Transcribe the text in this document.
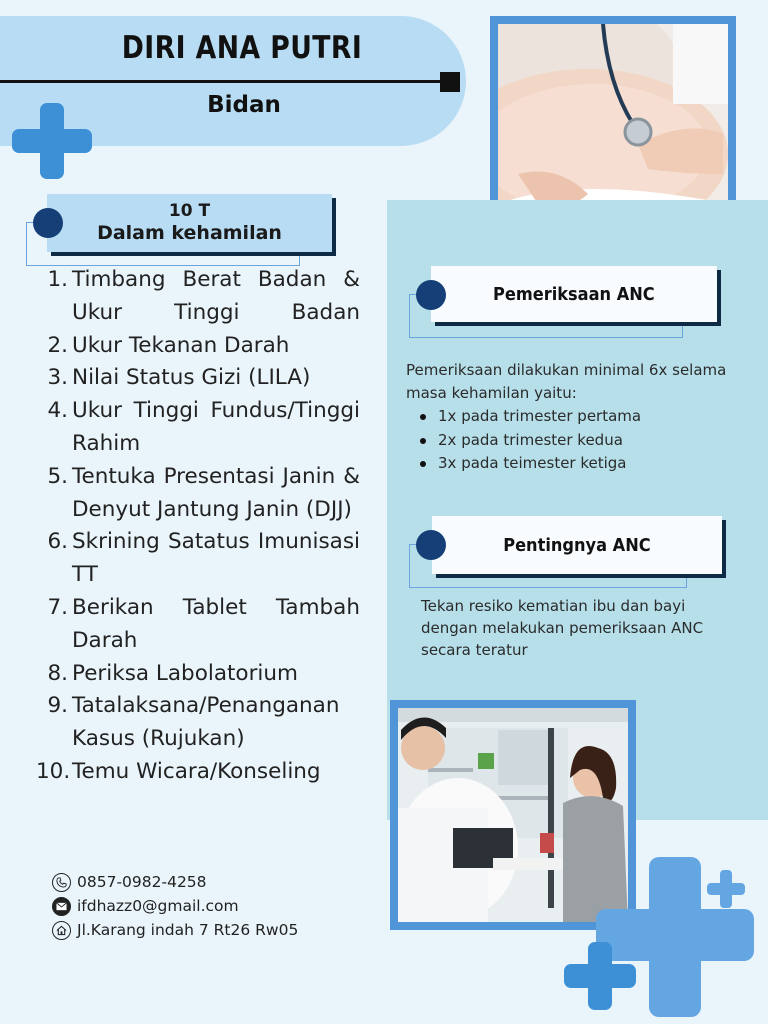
DIRI ANA PUTRI
Bidan
10 T
Dalam kehamilan
1. Timbang Berat Badan & Ukur Tinggi Badan
2. Ukur Tekanan Darah
3. Nilai Status Gizi (LILA)
4. Ukur Tinggi Fundus/Tinggi Rahim
5. Tentuka Presentasi Janin & Denyut Jantung Janin (DJJ)
6. Skrining Satatus Imunisasi TT
7. Berikan Tablet Tambah Darah
8. Periksa Labolatorium
9. Tatalaksana/Penanganan Kasus (Rujukan)
10. Temu Wicara/Konseling
Pemeriksaan ANC
Pemeriksaan dilakukan minimal 6x selama masa kehamilan yaitu:
1x pada trimester pertama
2x pada trimester kedua
3x pada teimester ketiga
Pentingnya ANC
Tekan resiko kematian ibu dan bayi dengan melakukan pemeriksaan ANC secara teratur
0857-0982-4258
ifdhazz0@gmail.com
Jl.Karang indah 7 Rt26 Rw05
